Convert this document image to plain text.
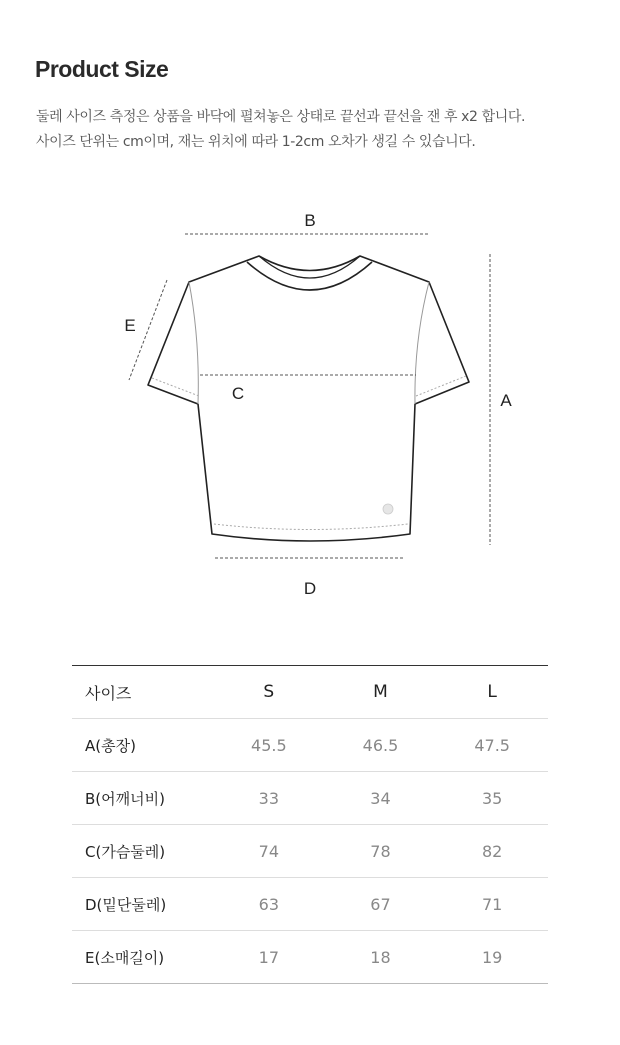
Product Size
둘레 사이즈 측정은 상품을 바닥에 펼쳐놓은 상태로 끝선과 끝선을 잰 후 x2 합니다.
사이즈 단위는 cm이며, 재는 위치에 따라 1-2cm 오차가 생길 수 있습니다.
B
E
C	A
D
사이즈	S	M	L
A(총장)	45.5	46.5	47.5
B(어깨너비)	33	34	35
C(가슴둘레)	74	78	82
D(밑단둘레)	63	67	71
E(소매길이)	17	18	19
